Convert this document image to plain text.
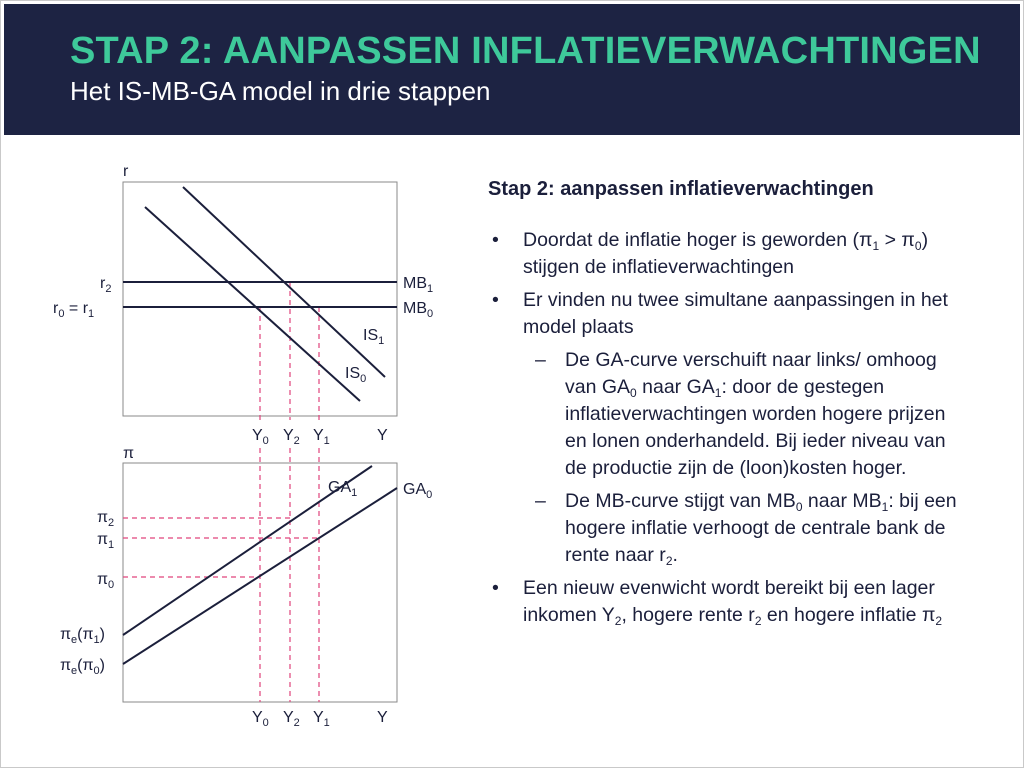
STAP 2: AANPASSEN INFLATIEVERWACHTINGEN
Het IS-MB-GA model in drie stappen
r
π
$r_2$
$r_0 = r_1$
$MB_1$
$MB_0$
$IS_1$
$IS_0$
$GA_1$	$GA_0$
$Y_0$ $Y_2$ $Y_1$	Y
$\pi_2$
$\pi_1$
$\pi_0$
$\pi_e(\pi_1)$
$\pi_e(\pi_0)$
$Y_0$ $Y_2$ $Y_1$	Y
Stap 2: aanpassen inflatieverwachtingen
• Doordat de inflatie hoger is geworden $(\pi_1 > \pi_0)$ stijgen de inflatieverwachtingen
• Er vinden nu twee simultane aanpassingen in het model plaats
– De GA-curve verschuift naar links/ omhoog van $GA_0$ naar $GA_1$: door de gestegen inflatieverwachtingen worden hogere prijzen en lonen onderhandeld. Bij ieder niveau van de productie zijn de (loon)kosten hoger.
– De MB-curve stijgt van $MB_0$ naar $MB_1$: bij een hogere inflatie verhoogt de centrale bank de rente naar $r_2$.
• Een nieuw evenwicht wordt bereikt bij een lager inkomen $Y_2$, hogere rente $r_2$ en hogere inflatie $\pi_2$
